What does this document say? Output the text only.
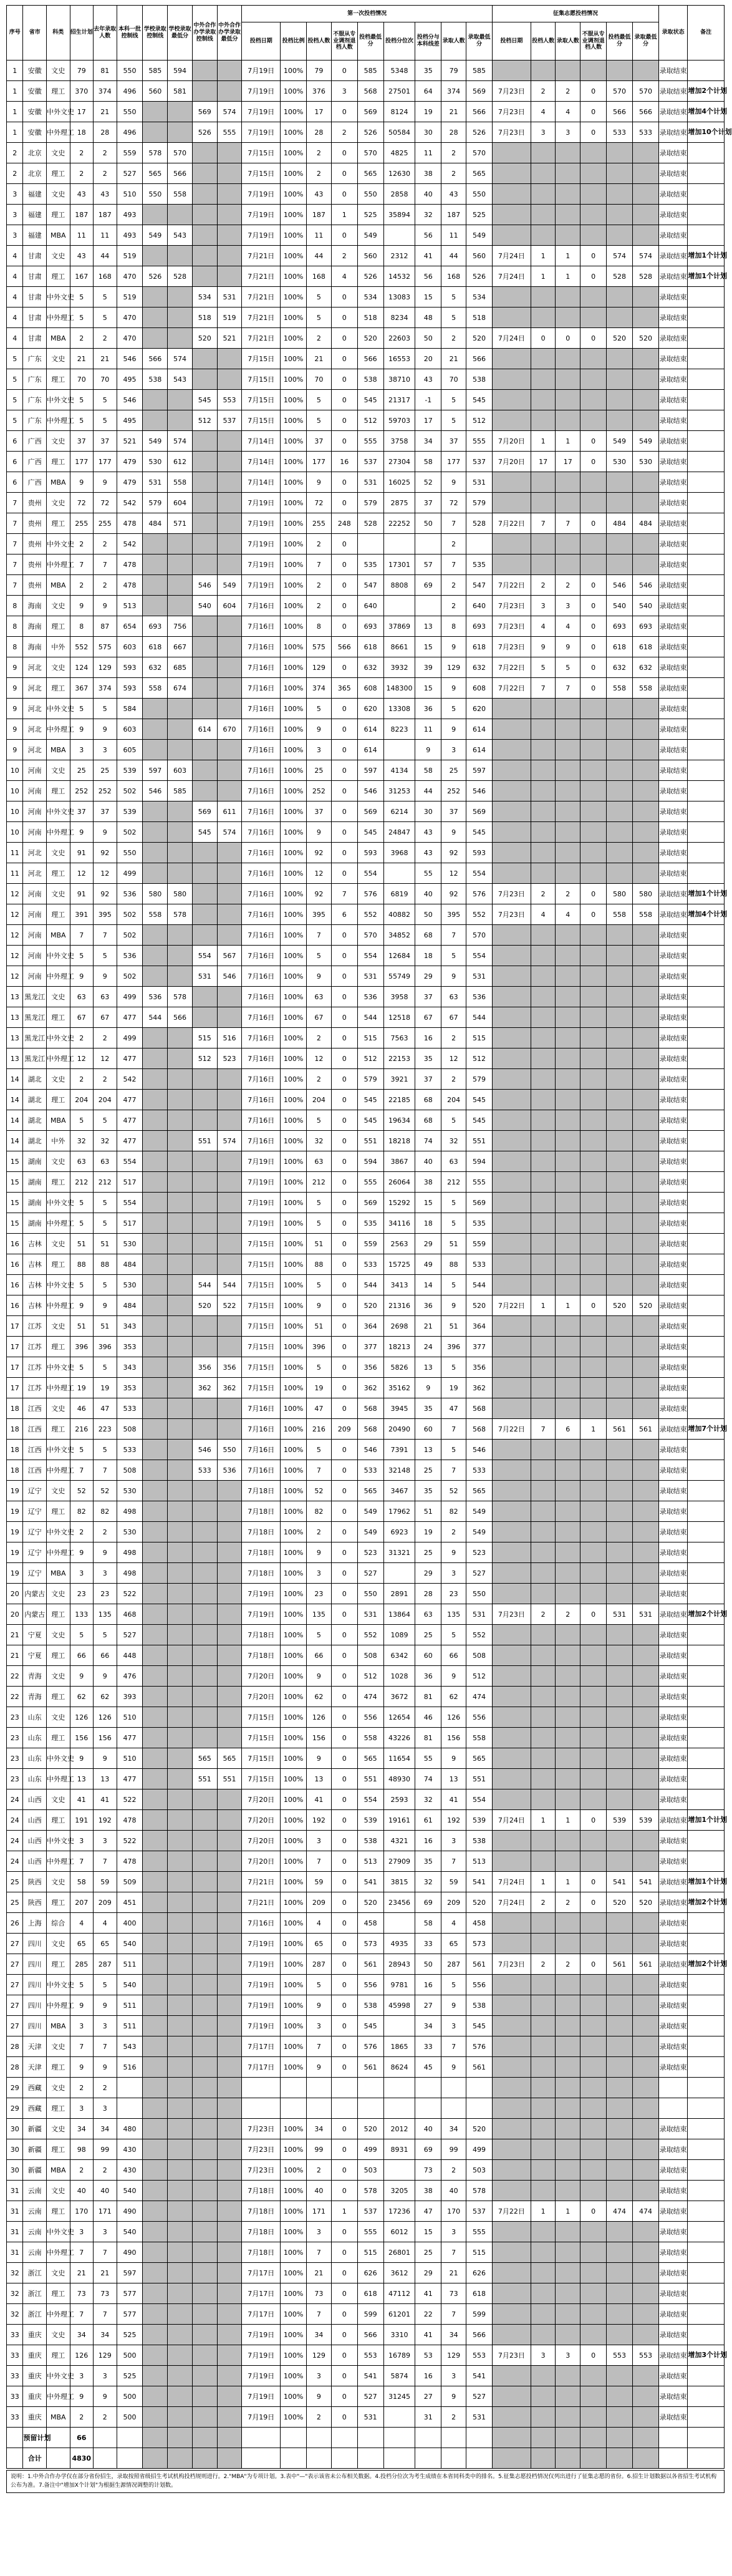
序号	省市	科类	招生计划	去年录取人数	本科一批控制线	学校录取控制线	学校录取最低分	中外合作办学录取控制线	中外合作办学录取最低分	第一次投档情况									征集志愿投档情况						录取状态	备注
										投档日期	投档比例	投档人数	不服从专业调剂退档人数	投档最低分	投档分位次	投档分与本科线差	录取人数	录取最低分	投档日期	投档人数	录取人数	不服从专业调剂退档人数	投档最低分	录取最低分		
1	安徽	文史	79	81	550	585	594			7月19日	100%	79	0	585	5348	35	79	585							录取结束	
1	安徽	理工	370	374	496	560	581			7月19日	100%	376	3	568	27501	64	374	569	7月23日	2	2	0	570	570	录取结束	增加2个计划
1	安徽	中外文史	17	21	550			569	574	7月19日	100%	17	0	569	8124	19	21	566	7月23日	4	4	0	566	566	录取结束	增加4个计划
1	安徽	中外理工	18	28	496			526	555	7月19日	100%	28	2	526	50584	30	28	526	7月23日	3	3	0	533	533	录取结束	增加10个计划
2	北京	文史	2	2	559	578	570			7月15日	100%	2	0	570	4825	11	2	570							录取结束	
2	北京	理工	2	2	527	565	566			7月15日	100%	2	0	565	12630	38	2	565							录取结束	
3	福建	文史	43	43	510	550	558			7月19日	100%	43	0	550	2858	40	43	550							录取结束	
3	福建	理工	187	187	493					7月19日	100%	187	1	525	35894	32	187	525							录取结束	
3	福建	MBA	11	11	493	549	543			7月19日	100%	11	0	549		56	11	549							录取结束	
4	甘肃	文史	43	44	519					7月21日	100%	44	2	560	2312	41	44	560	7月24日	1	1	0	574	574	录取结束	增加1个计划
4	甘肃	理工	167	168	470	526	528			7月21日	100%	168	4	526	14532	56	168	526	7月24日	1	1	0	528	528	录取结束	增加1个计划
4	甘肃	中外文史	5	5	519			534	531	7月21日	100%	5	0	534	13083	15	5	534							录取结束	
4	甘肃	中外理工	5	5	470			518	519	7月21日	100%	5	0	518	8234	48	5	518							录取结束	
4	甘肃	MBA	2	2	470			520	521	7月21日	100%	2	0	520	22603	50	2	520	7月24日	0	0	0	520	520	录取结束	
5	广东	文史	21	21	546	566	574			7月15日	100%	21	0	566	16553	20	21	566							录取结束	
5	广东	理工	70	70	495	538	543			7月15日	100%	70	0	538	38710	43	70	538							录取结束	
5	广东	中外文史	5	5	546			545	553	7月15日	100%	5	0	545	21317	-1	5	545							录取结束	
5	广东	中外理工	5	5	495			512	537	7月15日	100%	5	0	512	59703	17	5	512							录取结束	
6	广西	文史	37	37	521	549	574			7月14日	100%	37	0	555	3758	34	37	555	7月20日	1	1	0	549	549	录取结束	
6	广西	理工	177	177	479	530	612			7月14日	100%	177	16	537	27304	58	177	537	7月20日	17	17	0	530	530	录取结束	
6	广西	MBA	9	9	479	531	558			7月14日	100%	9	0	531	16025	52	9	531							录取结束	
7	贵州	文史	72	72	542	579	604			7月19日	100%	72	0	579	2875	37	72	579							录取结束	
7	贵州	理工	255	255	478	484	571			7月19日	100%	255	248	528	22252	50	7	528	7月22日	7	7	0	484	484	录取结束	
7	贵州	中外文史	2	2	542					7月19日	100%	2	0				2								录取结束	
7	贵州	中外理工	7	7	478					7月19日	100%	7	0	535	17301	57	7	535							录取结束	
7	贵州	MBA	2	2	478			546	549	7月19日	100%	2	0	547	8808	69	2	547	7月22日	2	2	0	546	546	录取结束	
8	海南	文史	9	9	513			540	604	7月16日	100%	2	0	640			2	640	7月23日	3	3	0	540	540	录取结束	
8	海南	理工	8	87	654	693	756			7月16日	100%	8	0	693	37869	13	8	693	7月23日	4	4	0	693	693	录取结束	
8	海南	中外	552	575	603	618	667			7月16日	100%	575	566	618	8661	15	9	618	7月23日	9	9	0	618	618	录取结束	
9	河北	文史	124	129	593	632	685			7月16日	100%	129	0	632	3932	39	129	632	7月22日	5	5	0	632	632	录取结束	
9	河北	理工	367	374	593	558	674			7月16日	100%	374	365	608	148300	15	9	608	7月22日	7	7	0	558	558	录取结束	
9	河北	中外文史	5	5	584					7月16日	100%	5	0	620	13308	36	5	620							录取结束	
9	河北	中外理工	9	9	603			614	670	7月16日	100%	9	0	614	8223	11	9	614							录取结束	
9	河北	MBA	3	3	605					7月16日	100%	3	0	614		9	3	614							录取结束	
10	河南	文史	25	25	539	597	603			7月16日	100%	25	0	597	4134	58	25	597							录取结束	
10	河南	理工	252	252	502	546	585			7月16日	100%	252	0	546	31253	44	252	546							录取结束	
10	河南	中外文史	37	37	539			569	611	7月16日	100%	37	0	569	6214	30	37	569							录取结束	
10	河南	中外理工	9	9	502			545	574	7月16日	100%	9	0	545	24847	43	9	545							录取结束	
11	河北	文史	91	92	550					7月16日	100%	92	0	593	3968	43	92	593							录取结束	
11	河北	理工	12	12	499					7月16日	100%	12	0	554		55	12	554							录取结束	
12	河南	文史	91	92	536	580	580			7月16日	100%	92	7	576	6819	40	92	576	7月23日	2	2	0	580	580	录取结束	增加1个计划
12	河南	理工	391	395	502	558	578			7月16日	100%	395	6	552	40882	50	395	552	7月23日	4	4	0	558	558	录取结束	增加4个计划
12	河南	MBA	7	7	502					7月16日	100%	7	0	570	34852	68	7	570							录取结束	
12	河南	中外文史	5	5	536			554	567	7月16日	100%	5	0	554	12684	18	5	554							录取结束	
12	河南	中外理工	9	9	502			531	546	7月16日	100%	9	0	531	55749	29	9	531							录取结束	
13	黑龙江	文史	63	63	499	536	578			7月16日	100%	63	0	536	3958	37	63	536							录取结束	
13	黑龙江	理工	67	67	477	544	566			7月16日	100%	67	0	544	12518	67	67	544							录取结束	
13	黑龙江	中外文史	2	2	499			515	516	7月16日	100%	2	0	515	7563	16	2	515							录取结束	
13	黑龙江	中外理工	12	12	477			512	523	7月16日	100%	12	0	512	22153	35	12	512							录取结束	
14	湖北	文史	2	2	542					7月16日	100%	2	0	579	3921	37	2	579							录取结束	
14	湖北	理工	204	204	477					7月16日	100%	204	0	545	22185	68	204	545							录取结束	
14	湖北	MBA	5	5	477					7月16日	100%	5	0	545	19634	68	5	545							录取结束	
14	湖北	中外	32	32	477			551	574	7月16日	100%	32	0	551	18218	74	32	551							录取结束	
15	湖南	文史	63	63	554					7月19日	100%	63	0	594	3867	40	63	594							录取结束	
15	湖南	理工	212	212	517					7月19日	100%	212	0	555	26064	38	212	555							录取结束	
15	湖南	中外文史	5	5	554					7月19日	100%	5	0	569	15292	15	5	569							录取结束	
15	湖南	中外理工	5	5	517					7月19日	100%	5	0	535	34116	18	5	535							录取结束	
16	吉林	文史	51	51	530					7月15日	100%	51	0	559	2563	29	51	559							录取结束	
16	吉林	理工	88	88	484					7月15日	100%	88	0	533	15725	49	88	533							录取结束	
16	吉林	中外文史	5	5	530			544	544	7月15日	100%	5	0	544	3413	14	5	544							录取结束	
16	吉林	中外理工	9	9	484			520	522	7月15日	100%	9	0	520	21316	36	9	520	7月22日	1	1	0	520	520	录取结束	
17	江苏	文史	51	51	343					7月15日	100%	51	0	364	2698	21	51	364							录取结束	
17	江苏	理工	396	396	353					7月15日	100%	396	0	377	18213	24	396	377							录取结束	
17	江苏	中外文史	5	5	343			356	356	7月15日	100%	5	0	356	5826	13	5	356							录取结束	
17	江苏	中外理工	19	19	353			362	362	7月15日	100%	19	0	362	35162	9	19	362							录取结束	
18	江西	文史	46	47	533					7月16日	100%	47	0	568	3945	35	47	568							录取结束	
18	江西	理工	216	223	508					7月16日	100%	216	209	568	20490	60	7	568	7月22日	7	6	1	561	561	录取结束	增加7个计划
18	江西	中外文史	5	5	533			546	550	7月16日	100%	5	0	546	7391	13	5	546							录取结束	
18	江西	中外理工	7	7	508			533	536	7月16日	100%	7	0	533	32148	25	7	533							录取结束	
19	辽宁	文史	52	52	530					7月18日	100%	52	0	565	3467	35	52	565							录取结束	
19	辽宁	理工	82	82	498					7月18日	100%	82	0	549	17962	51	82	549							录取结束	
19	辽宁	中外文史	2	2	530					7月18日	100%	2	0	549	6923	19	2	549							录取结束	
19	辽宁	中外理工	9	9	498					7月18日	100%	9	0	523	31321	25	9	523							录取结束	
19	辽宁	MBA	3	3	498					7月18日	100%	3	0	527		29	3	527							录取结束	
20	内蒙古	文史	23	23	522					7月19日	100%	23	0	550	2891	28	23	550							录取结束	
20	内蒙古	理工	133	135	468					7月19日	100%	135	0	531	13864	63	135	531	7月23日	2	2	0	531	531	录取结束	增加2个计划
21	宁夏	文史	5	5	527					7月18日	100%	5	0	552	1089	25	5	552							录取结束	
21	宁夏	理工	66	66	448					7月18日	100%	66	0	508	6342	60	66	508							录取结束	
22	青海	文史	9	9	476					7月20日	100%	9	0	512	1028	36	9	512							录取结束	
22	青海	理工	62	62	393					7月20日	100%	62	0	474	3672	81	62	474							录取结束	
23	山东	文史	126	126	510					7月15日	100%	126	0	556	12654	46	126	556							录取结束	
23	山东	理工	156	156	477					7月15日	100%	156	0	558	43226	81	156	558							录取结束	
23	山东	中外文史	9	9	510			565	565	7月15日	100%	9	0	565	11654	55	9	565							录取结束	
23	山东	中外理工	13	13	477			551	551	7月15日	100%	13	0	551	48930	74	13	551							录取结束	
24	山西	文史	41	41	522					7月20日	100%	41	0	554	2593	32	41	554							录取结束	
24	山西	理工	191	192	478					7月20日	100%	192	0	539	19161	61	192	539	7月24日	1	1	0	539	539	录取结束	增加1个计划
24	山西	中外文史	3	3	522					7月20日	100%	3	0	538	4321	16	3	538							录取结束	
24	山西	中外理工	7	7	478					7月20日	100%	7	0	513	27909	35	7	513							录取结束	
25	陕西	文史	58	59	509					7月21日	100%	59	0	541	3815	32	59	541	7月24日	1	1	0	541	541	录取结束	增加1个计划
25	陕西	理工	207	209	451					7月21日	100%	209	0	520	23456	69	209	520	7月24日	2	2	0	520	520	录取结束	增加2个计划
26	上海	综合	4	4	400					7月16日	100%	4	0	458		58	4	458							录取结束	
27	四川	文史	65	65	540					7月19日	100%	65	0	573	4935	33	65	573							录取结束	
27	四川	理工	285	287	511					7月19日	100%	287	0	561	28943	50	287	561	7月23日	2	2	0	561	561	录取结束	增加2个计划
27	四川	中外文史	5	5	540					7月19日	100%	5	0	556	9781	16	5	556							录取结束	
27	四川	中外理工	9	9	511					7月19日	100%	9	0	538	45998	27	9	538							录取结束	
27	四川	MBA	3	3	511					7月19日	100%	3	0	545		34	3	545							录取结束	
28	天津	文史	7	7	543					7月17日	100%	7	0	576	1865	33	7	576							录取结束	
28	天津	理工	9	9	516					7月17日	100%	9	0	561	8624	45	9	561							录取结束	
29	西藏	文史	2	2																						
29	西藏	理工	3	3																						
30	新疆	文史	34	34	480					7月23日	100%	34	0	520	2012	40	34	520							录取结束	
30	新疆	理工	98	99	430					7月23日	100%	99	0	499	8931	69	99	499							录取结束	
30	新疆	MBA	2	2	430					7月23日	100%	2	0	503		73	2	503							录取结束	
31	云南	文史	40	40	540					7月18日	100%	40	0	578	3205	38	40	578							录取结束	
31	云南	理工	170	171	490					7月18日	100%	171	1	537	17236	47	170	537	7月22日	1	1	0	474	474	录取结束	
31	云南	中外文史	3	3	540					7月18日	100%	3	0	555	6012	15	3	555							录取结束	
31	云南	中外理工	7	7	490					7月18日	100%	7	0	515	26801	25	7	515							录取结束	
32	浙江	文史	21	21	597					7月17日	100%	21	0	626	3612	29	21	626							录取结束	
32	浙江	理工	73	73	577					7月17日	100%	73	0	618	47112	41	73	618							录取结束	
32	浙江	中外理工	7	7	577					7月17日	100%	7	0	599	61201	22	7	599							录取结束	
33	重庆	文史	34	34	525					7月19日	100%	34	0	566	3310	41	34	566							录取结束	
33	重庆	理工	126	129	500					7月19日	100%	129	0	553	16789	53	129	553	7月23日	3	3	0	553	553	录取结束	增加3个计划
33	重庆	中外文史	3	3	525					7月19日	100%	3	0	541	5874	16	3	541							录取结束	
33	重庆	中外理工	9	9	500					7月19日	100%	9	0	527	31245	27	9	527							录取结束	
33	重庆	MBA	2	2	500					7月19日	100%	2	0	531		31	2	531							录取结束	
	预留计划		66																							
	合计		4830																							
说明：1.中外合作办学仅在部分省份招生，录取按照省级招生考试机构投档规则进行。2."MBA"为专项计划。3.表中"—"表示该省未公布相关数据。4.投档分位次为考生成绩在本省同科类中的排名。5.征集志愿投档情况仅列出进行了征集志愿的省份。6.招生计划数据以各省招生考试机构公布为准。7.备注中"增加X个计划"为根据生源情况调整的计划数。
